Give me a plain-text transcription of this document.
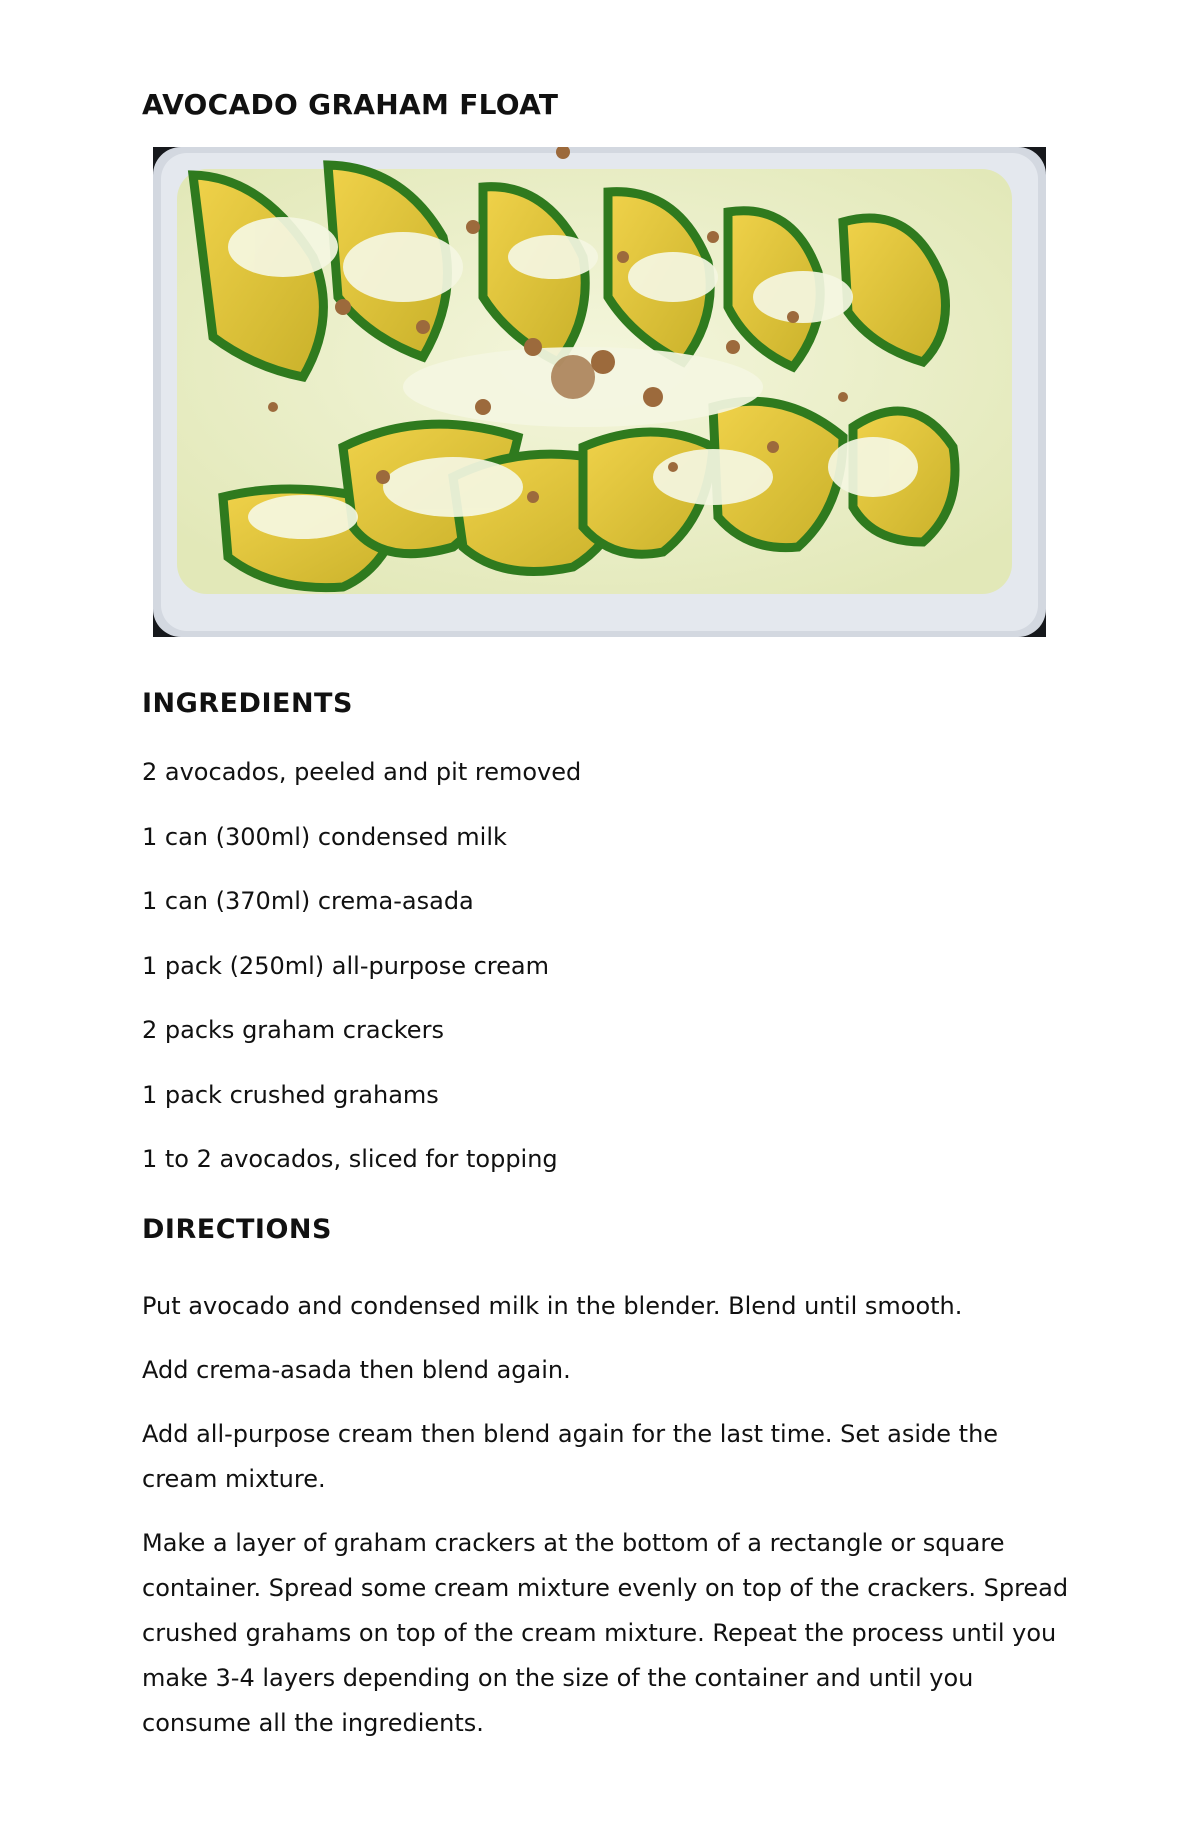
AVOCADO GRAHAM FLOAT
INGREDIENTS
2 avocados, peeled and pit removed
1 can (300ml) condensed milk
1 can (370ml) crema-asada
1 pack (250ml) all-purpose cream
2 packs graham crackers
1 pack crushed grahams
1 to 2 avocados, sliced for topping
DIRECTIONS

Put avocado and condensed milk in the blender. Blend until smooth.

Add crema-asada then blend again.

Add all-purpose cream then blend again for the last time. Set aside the cream mixture.

Make a layer of graham crackers at the bottom of a rectangle or square container. Spread some cream mixture evenly on top of the crackers. Spread crushed grahams on top of the cream mixture. Repeat the process until you make 3-4 layers depending on the size of the container and until you consume all the ingredients.
